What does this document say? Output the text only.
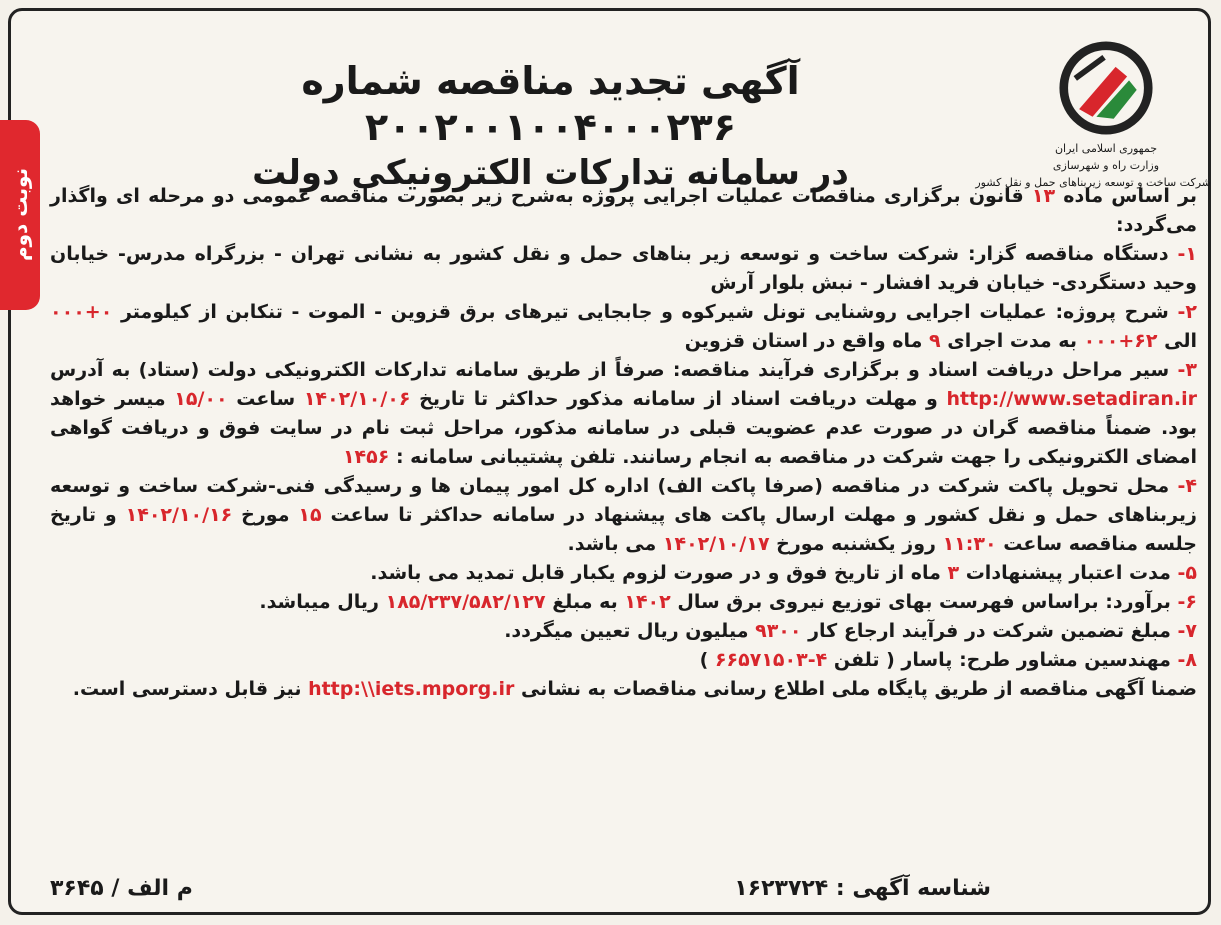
نوبت دوم
جمهوری اسلامی ایران
وزارت راه و شهرسازی
شرکت ساخت و توسعه زیربناهای حمل و نقل کشور
آگهی تجدید مناقصه شماره ۲۰۰۲۰۰۱۰۰۴۰۰۰۲۳۶
در سامانه تدارکات الکترونیکی دولت

بر اساس ماده ۱۳ قانون برگزاری مناقصات عملیات اجرایی پروژه به‌شرح زیر بصورت مناقصه عمومی دو مرحله ای واگذار می‌گردد:

۱- دستگاه مناقصه گزار: شرکت ساخت و توسعه زیر بناهای حمل و نقل کشور به نشانی تهران - بزرگراه مدرس- خیابان وحید دستگردی- خیابان فرید افشار - نبش بلوار آرش

۲- شرح پروژه: عملیات اجرایی روشنایی تونل شیرکوه و جابجایی تیرهای برق قزوین - الموت - تنکابن از کیلومتر ۰+۰۰۰ الی ۶۲+۰۰۰ به مدت اجرای ۹ ماه واقع در استان قزوین

۳- سیر مراحل دریافت اسناد و برگزاری فرآیند مناقصه: صرفاً از طریق سامانه تدارکات الکترونیکی دولت (ستاد) به آدرس http://www.setadiran.ir و مهلت دریافت اسناد از سامانه مذکور حداکثر تا تاریخ ۱۴۰۲/۱۰/۰۶ ساعت ۱۵/۰۰ میسر خواهد بود. ضمناً مناقصه گران در صورت عدم عضویت قبلی در سامانه مذکور، مراحل ثبت نام در سایت فوق و دریافت گواهی امضای الکترونیکی را جهت شرکت در مناقصه به انجام رسانند. تلفن پشتیبانی سامانه : ۱۴۵۶

۴- محل تحویل پاکت شرکت در مناقصه (صرفا پاکت الف) اداره کل امور پیمان ها و رسیدگی فنی-شرکت ساخت و توسعه زیربناهای حمل و نقل کشور و مهلت ارسال پاکت های پیشنهاد در سامانه حداکثر تا ساعت ۱۵ مورخ ۱۴۰۲/۱۰/۱۶ و تاریخ جلسه مناقصه ساعت ۱۱:۳۰ روز یکشنبه مورخ ۱۴۰۲/۱۰/۱۷ می باشد.

۵- مدت اعتبار پیشنهادات ۳ ماه از تاریخ فوق و در صورت لزوم یکبار قابل تمدید می باشد.

۶- برآورد: براساس فهرست بهای توزیع نیروی برق سال ۱۴۰۲ به مبلغ ۱۸۵/۲۳۷/۵۸۲/۱۲۷ ریال میباشد.

۷- مبلغ تضمین شرکت در فرآیند ارجاع کار ۹۳۰۰ میلیون ریال تعیین میگردد.

۸- مهندسین مشاور طرح: پاسار ( تلفن ۴-۶۶۵۷۱۵۰۳ )

ضمنا آگهی مناقصه از طریق پایگاه ملی اطلاع رسانی مناقصات به نشانی http:\\iets.mporg.ir نیز قابل دسترسی است.

شناسه آگهی : ۱۶۲۳۷۲۴
م الف / ۳۶۴۵
